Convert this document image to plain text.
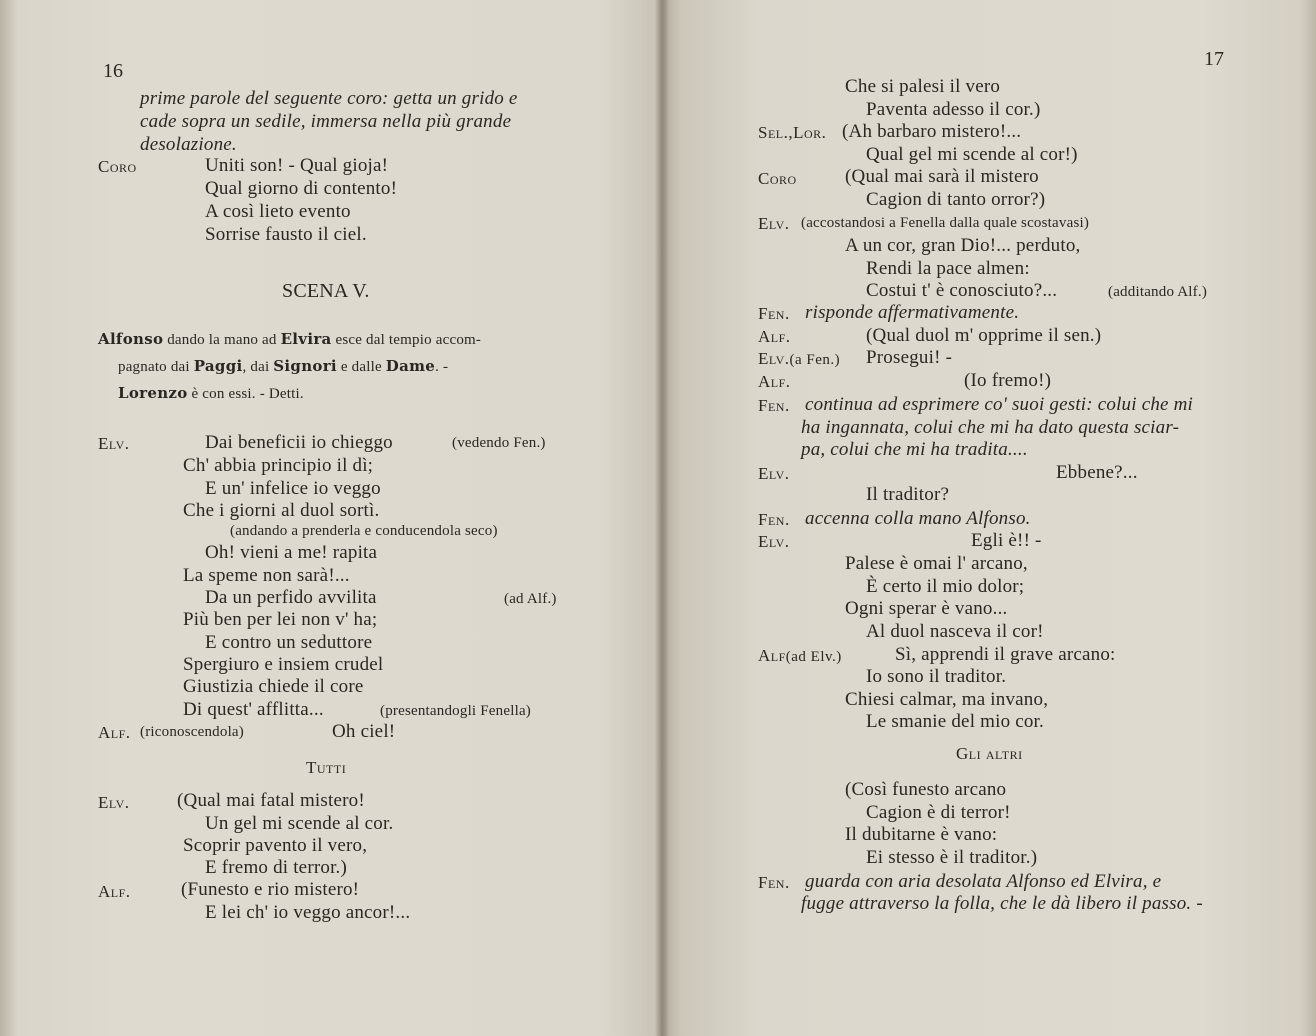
16
prime parole del seguente coro: getta un grido e
cade sopra un sedile, immersa nella più grande
desolazione.
Coro	Uniti son! - Qual gioja!
Qual giorno di contento!
A così lieto evento
Sorrise fausto il ciel.
SCENA V.
Alfonso dando la mano ad Elvira esce dal tempio accom-
pagnato dai Paggi, dai Signori e dalle Dame. -
Lorenzo è con essi. - Detti.
Elv.	Dai beneficii io chieggo	(vedendo Fen.)
Ch' abbia principio il dì;
E un' infelice io veggo
Che i giorni al duol sortì.
(andando a prenderla e conducendola seco)
Oh! vieni a me! rapita
La speme non sarà!...
Da un perfido avvilita	(ad Alf.)
Più ben per lei non v' ha;
E contro un seduttore
Spergiuro e insiem crudel
Giustizia chiede il core
Di quest' afflitta...	(presentandogli Fenella)
Alf. (riconoscendola)	Oh ciel!
Tutti
Elv. (Qual mai fatal mistero!
Un gel mi scende al cor.
Scoprir pavento il vero,
E fremo di terror.)
Alf.	(Funesto e rio mistero!
E lei ch' io veggo ancor!...
17
Che si palesi il vero
Paventa adesso il cor.)
Sel.,Lor. (Ah barbaro mistero!...
Qual gel mi scende al cor!)
Coro	(Qual mai sarà il mistero
Cagion di tanto orror?)
Elv. (accostandosi a Fenella dalla quale scostavasi)
A un cor, gran Dio!... perduto,
Rendi la pace almen:
Costui t' è conosciuto?...	(additando Alf.)
Fen. risponde affermativamente.
Alf.	(Qual duol m' opprime il sen.)
Elv.(a Fen.) Prosegui! -
Alf.	(Io fremo!)
Fen. continua ad esprimere co' suoi gesti: colui che mi
ha ingannata, colui che mi ha dato questa sciar-
pa, colui che mi ha tradita....
Elv.	Ebbene?...
Il traditor?
Fen. accenna colla mano Alfonso.
Elv.	Egli è!! -
Palese è omai l' arcano,
È certo il mio dolor;
Ogni sperar è vano...
Al duol nasceva il cor!
Alf(ad Elv.)	Sì, apprendi il grave arcano:
Io sono il traditor.
Chiesi calmar, ma invano,
Le smanie del mio cor.
Gli altri
(Così funesto arcano
Cagion è di terror!
Il dubitarne è vano:
Ei stesso è il traditor.)
Fen. guarda con aria desolata Alfonso ed Elvira, e
fugge attraverso la folla, che le dà libero il passo. -
